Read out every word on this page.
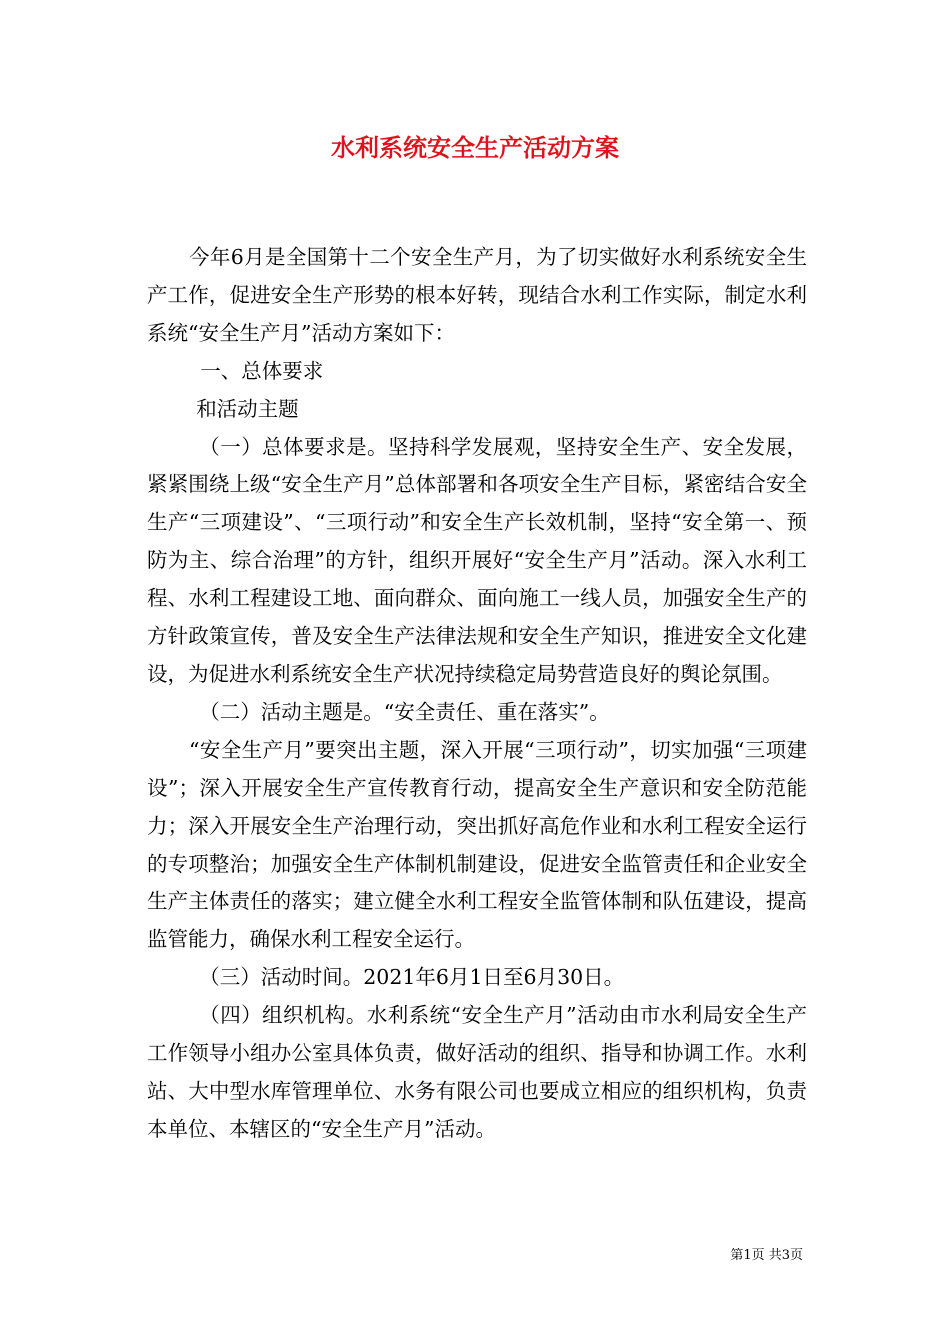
水利系统安全生产活动方案

今年6月是全国第十二个安全生产月，为了切实做好水利系统安全生产工作，促进安全生产形势的根本好转，现结合水利工作实际，制定水利系统“安全生产月”活动方案如下：

一、总体要求

和活动主题

（一）总体要求是。坚持科学发展观，坚持安全生产、安全发展，紧紧围绕上级“安全生产月”总体部署和各项安全生产目标，紧密结合安全生产“三项建设”、“三项行动”和安全生产长效机制，坚持“安全第一、预防为主、综合治理”的方针，组织开展好“安全生产月”活动。深入水利工程、水利工程建设工地、面向群众、面向施工一线人员，加强安全生产的方针政策宣传，普及安全生产法律法规和安全生产知识，推进安全文化建设，为促进水利系统安全生产状况持续稳定局势营造良好的舆论氛围。

（二）活动主题是。“安全责任、重在落实”。

“安全生产月”要突出主题，深入开展“三项行动”，切实加强“三项建设”；深入开展安全生产宣传教育行动，提高安全生产意识和安全防范能力；深入开展安全生产治理行动，突出抓好高危作业和水利工程安全运行的专项整治；加强安全生产体制机制建设，促进安全监管责任和企业安全生产主体责任的落实；建立健全水利工程安全监管体制和队伍建设，提高监管能力，确保水利工程安全运行。

（三）活动时间。2021年6月1日至6月30日。

（四）组织机构。水利系统“安全生产月”活动由市水利局安全生产工作领导小组办公室具体负责，做好活动的组织、指导和协调工作。水利站、大中型水库管理单位、水务有限公司也要成立相应的组织机构，负责本单位、本辖区的“安全生产月”活动。

第1页 共3页
